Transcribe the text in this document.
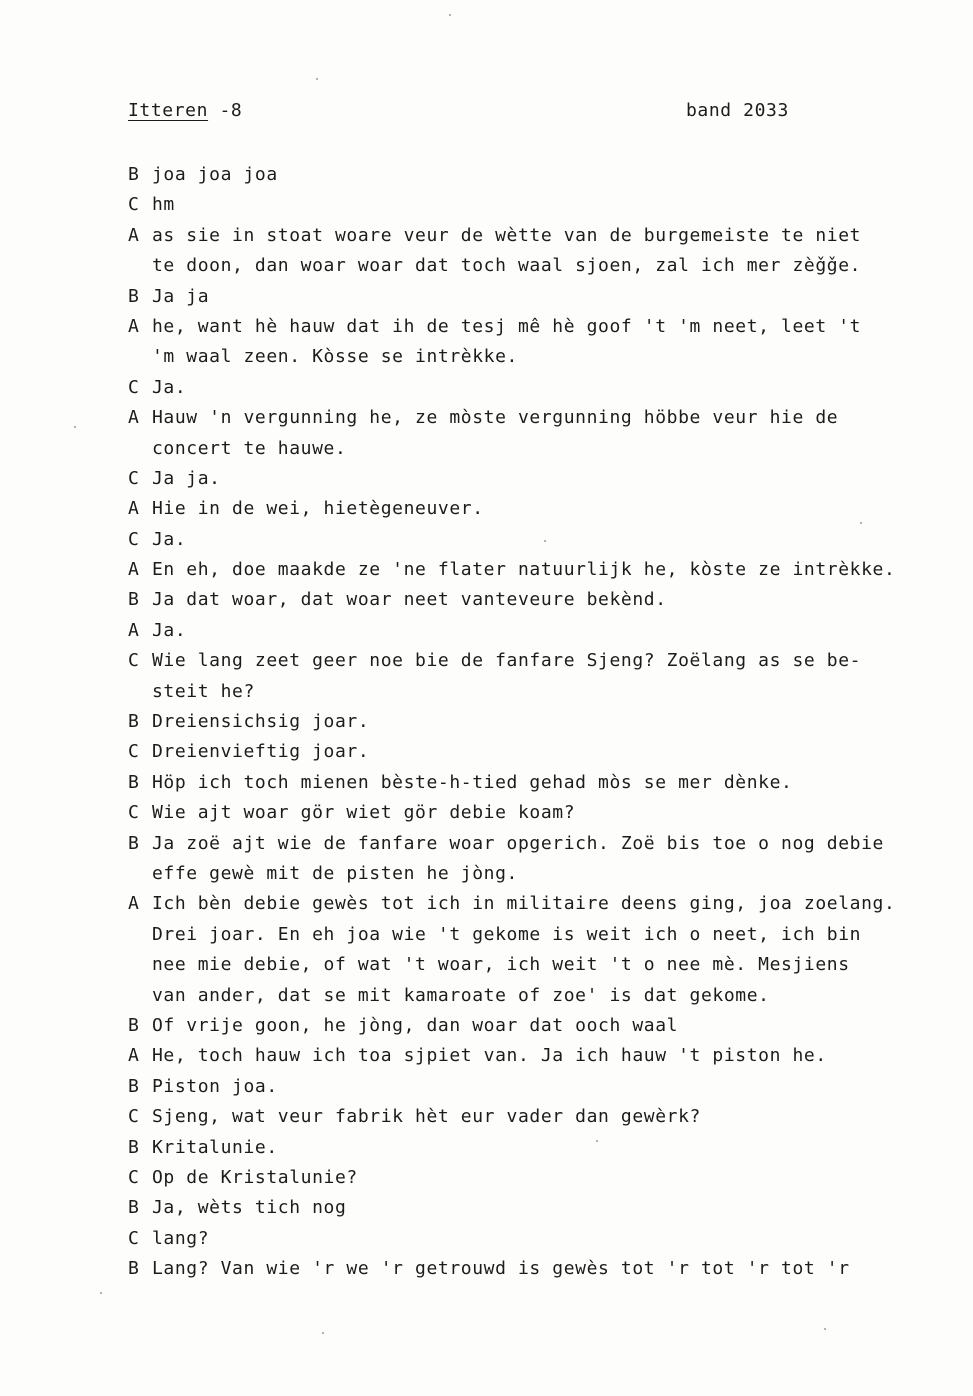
Itteren -8	band 2033
B joa joa joa
C hm
A as sie in stoat woare veur de wètte van de burgemeiste te niet
te doon, dan woar woar dat toch waal sjoen, zal ich mer zèǧǧe.
B Ja ja
A he, want hè hauw dat ih de tesj mê hè goof 't 'm neet, leet 't
'm waal zeen. Kòsse se intrèkke.
C Ja.
A Hauw 'n vergunning he, ze mòste vergunning höbbe veur hie de
concert te hauwe.
C Ja ja.
A Hie in de wei, hietègeneuver.
C Ja.
A En eh, doe maakde ze 'ne flater natuurlijk he, kòste ze intrèkke.
B Ja dat woar, dat woar neet vanteveure bekènd.
A Ja.
C Wie lang zeet geer noe bie de fanfare Sjeng? Zoëlang as se be-
steit he?
B Dreiensichsig joar.
C Dreienvieftig joar.
B Höp ich toch mienen bèste-h-tied gehad mòs se mer dènke.
C Wie ajt woar gör wiet gör debie koam?
B Ja zoë ajt wie de fanfare woar opgerich. Zoë bis toe o nog debie
effe gewè mit de pisten he jòng.
A Ich bèn debie gewès tot ich in militaire deens ging, joa zoelang.
Drei joar. En eh joa wie 't gekome is weit ich o neet, ich bin
nee mie debie, of wat 't woar, ich weit 't o nee mè. Mesjiens
van ander, dat se mit kamaroate of zoe' is dat gekome.
B Of vrije goon, he jòng, dan woar dat ooch waal
A He, toch hauw ich toa sjpiet van. Ja ich hauw 't piston he.
B Piston joa.
C Sjeng, wat veur fabrik hèt eur vader dan gewèrk?
B Kritalunie.
C Op de Kristalunie?
B Ja, wèts tich nog
C lang?
B Lang? Van wie 'r we 'r getrouwd is gewès tot 'r tot 'r tot 'r
